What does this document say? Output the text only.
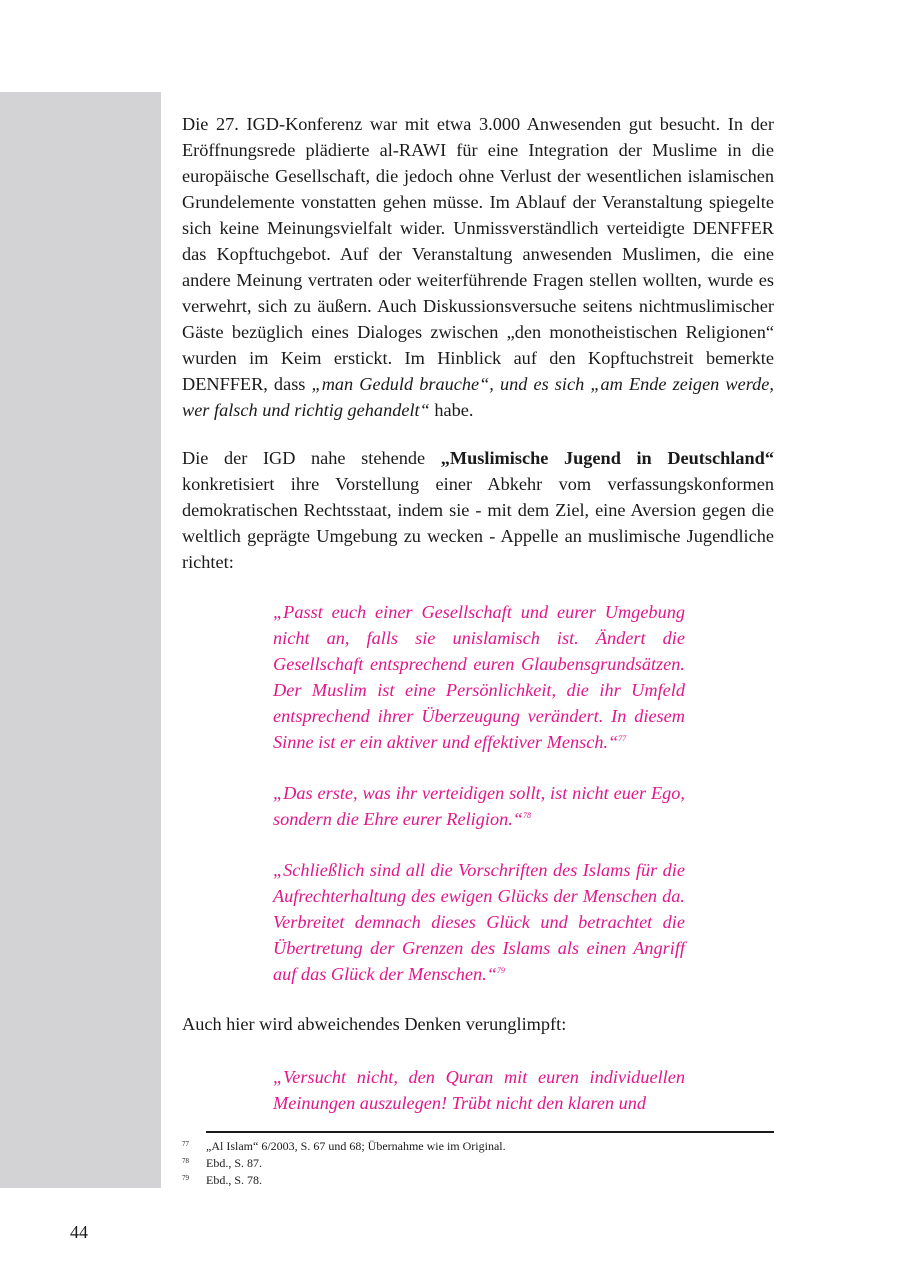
Die 27. IGD-Konferenz war mit etwa 3.000 Anwesenden gut besucht. In der Eröffnungsrede plädierte al-RAWI für eine Integration der Muslime in die europäische Gesellschaft, die jedoch ohne Verlust der wesentlichen islamischen Grundelemente vonstatten gehen müsse. Im Ablauf der Veranstaltung spiegelte sich keine Meinungsvielfalt wider. Unmissverständlich verteidigte DENFFER das Kopftuchgebot. Auf der Veranstaltung anwesenden Muslimen, die eine andere Meinung vertraten oder weiterführende Fragen stellen wollten, wurde es verwehrt, sich zu äußern. Auch Diskussionsversuche seitens nichtmuslimischer Gäste bezüglich eines Dialoges zwischen „den monotheistischen Religionen“ wurden im Keim erstickt. Im Hinblick auf den Kopftuchstreit bemerkte DENFFER, dass „man Geduld brauche“, und es sich „am Ende zeigen werde, wer falsch und richtig gehandelt“ habe.

Die der IGD nahe stehende „Muslimische Jugend in Deutschland“ konkretisiert ihre Vorstellung einer Abkehr vom verfassungskonformen demokratischen Rechtsstaat, indem sie - mit dem Ziel, eine Aversion gegen die weltlich geprägte Umgebung zu wecken - Appelle an muslimische Jugendliche richtet:

„Passt euch einer Gesellschaft und eurer Umgebung nicht an, falls sie unislamisch ist. Ändert die Gesellschaft entsprechend euren Glaubensgrundsätzen. Der Muslim ist eine Persönlichkeit, die ihr Umfeld entsprechend ihrer Überzeugung verändert. In diesem Sinne ist er ein aktiver und effektiver Mensch.“$^{77}$

„Das erste, was ihr verteidigen sollt, ist nicht euer Ego, sondern die Ehre eurer Religion.“$^{78}$

„Schließlich sind all die Vorschriften des Islams für die Aufrechterhaltung des ewigen Glücks der Menschen da. Verbreitet demnach dieses Glück und betrachtet die Übertretung der Grenzen des Islams als einen Angriff auf das Glück der Menschen.“$^{79}$

Auch hier wird abweichendes Denken verunglimpft:

„Versucht nicht, den Quran mit euren individuellen Meinungen auszulegen! Trübt nicht den klaren und

77	„Al Islam“ 6/2003, S. 67 und 68; Übernahme wie im Original.
78	Ebd., S. 87.
79	Ebd., S. 78.
44
